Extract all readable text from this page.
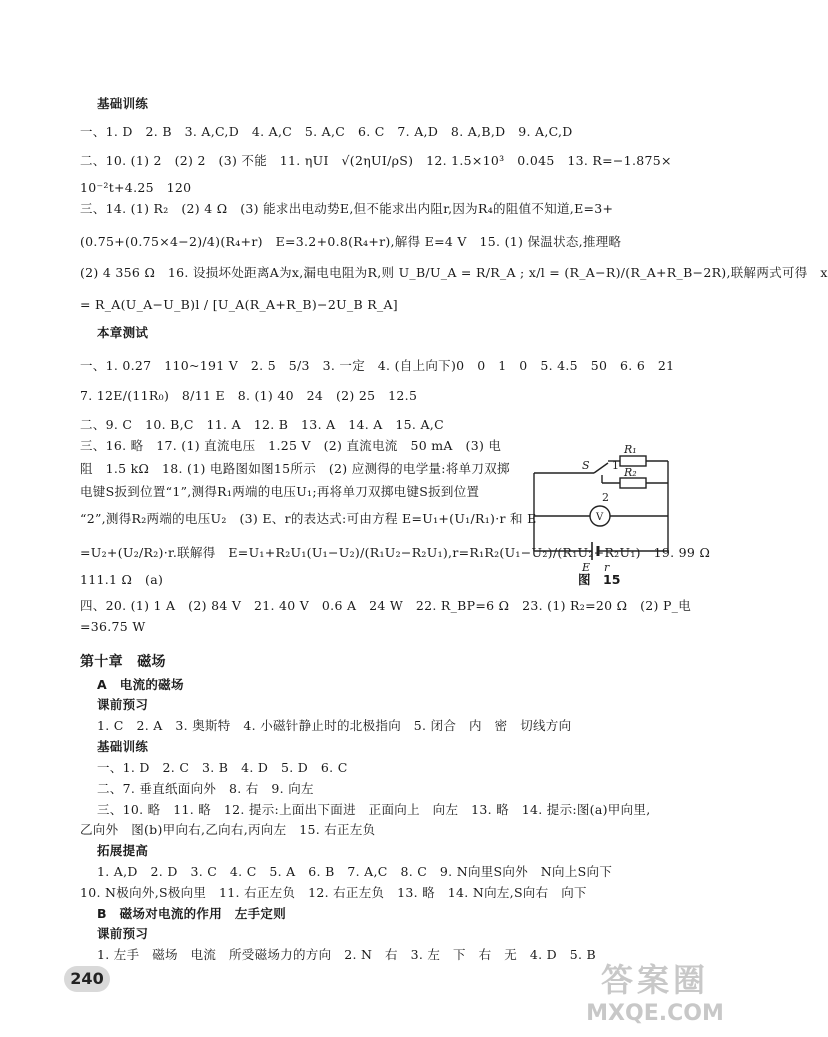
基础训练
一、1. D　2. B　3. A,C,D　4. A,C　5. A,C　6. C　7. A,D　8. A,B,D　9. A,C,D
二、10. (1) 2　(2) 2　(3) 不能　11. ηUI　√(2ηUI/ρS)　12. 1.5×10³　0.045　13. R=−1.875×
10⁻²t+4.25　120
三、14. (1) R₂　(2) 4 Ω　(3) 能求出电动势E,但不能求出内阻r,因为R₄的阻值不知道,E=3+
(0.75+(0.75×4−2)/4)(R₄+r)　E=3.2+0.8(R₄+r),解得 E=4 V　15. (1) 保温状态,推理略
(2) 4 356 Ω　16. 设损坏处距离A为x,漏电电阻为R,则 U_B/U_A = R/R_A ; x/l = (R_A−R)/(R_A+R_B−2R),联解两式可得　x
= R_A(U_A−U_B)l / [U_A(R_A+R_B)−2U_B R_A]
本章测试
一、1. 0.27　110~191 V　2. 5　5/3　3. 一定　4. (自上向下)0　0　1　0　5. 4.5　50　6. 6　21
7. 12E/(11R₀)　8/11 E　8. (1) 40　24　(2) 25　12.5
二、9. C　10. B,C　11. A　12. B　13. A　14. A　15. A,C
三、16. 略　17. (1) 直流电压　1.25 V　(2) 直流电流　50 mA　(3) 电
阻　1.5 kΩ　18. (1) 电路图如图15所示　(2) 应测得的电学量:将单刀双掷
电键S扳到位置“1”,测得R₁两端的电压U₁;再将单刀双掷电键S扳到位置
“2”,测得R₂两端的电压U₂　(3) E、r的表达式:可由方程 E=U₁+(U₁/R₁)·r 和 E
=U₂+(U₂/R₂)·r.联解得　E=U₁+R₂U₁(U₁−U₂)/(R₁U₂−R₂U₁),r=R₁R₂(U₁−U₂)/(R₁U₂−R₂U₁)　19. 99 Ω
111.1 Ω　(a)
四、20. (1) 1 A　(2) 84 V　21. 40 V　0.6 A　24 W　22. R_BP=6 Ω　23. (1) R₂=20 Ω　(2) P_电
=36.75 W
第十章　磁场
A　电流的磁场
课前预习
1. C　2. A　3. 奥斯特　4. 小磁针静止时的北极指向　5. 闭合　内　密　切线方向
基础训练
一、1. D　2. C　3. B　4. D　5. D　6. C
二、7. 垂直纸面向外　8. 右　9. 向左
三、10. 略　11. 略　12. 提示:上面出下面进　正面向上　向左　13. 略　14. 提示:图(a)甲向里,
乙向外　图(b)甲向右,乙向右,丙向左　15. 右正左负
拓展提高
1. A,D　2. D　3. C　4. C　5. A　6. B　7. A,C　8. C　9. N向里S向外　N向上S向下
10. N极向外,S极向里　11. 右正左负　12. 右正左负　13. 略　14. N向左,S向右　向下
B　磁场对电流的作用　左手定则
课前预习
1. 左手　磁场　电流　所受磁场力的方向　2. N　右　3. 左　下　右　无　4. D　5. B
R₁
R₂
S 1
2
V
E r
图　15
240	答案圈
MXQE.COM
